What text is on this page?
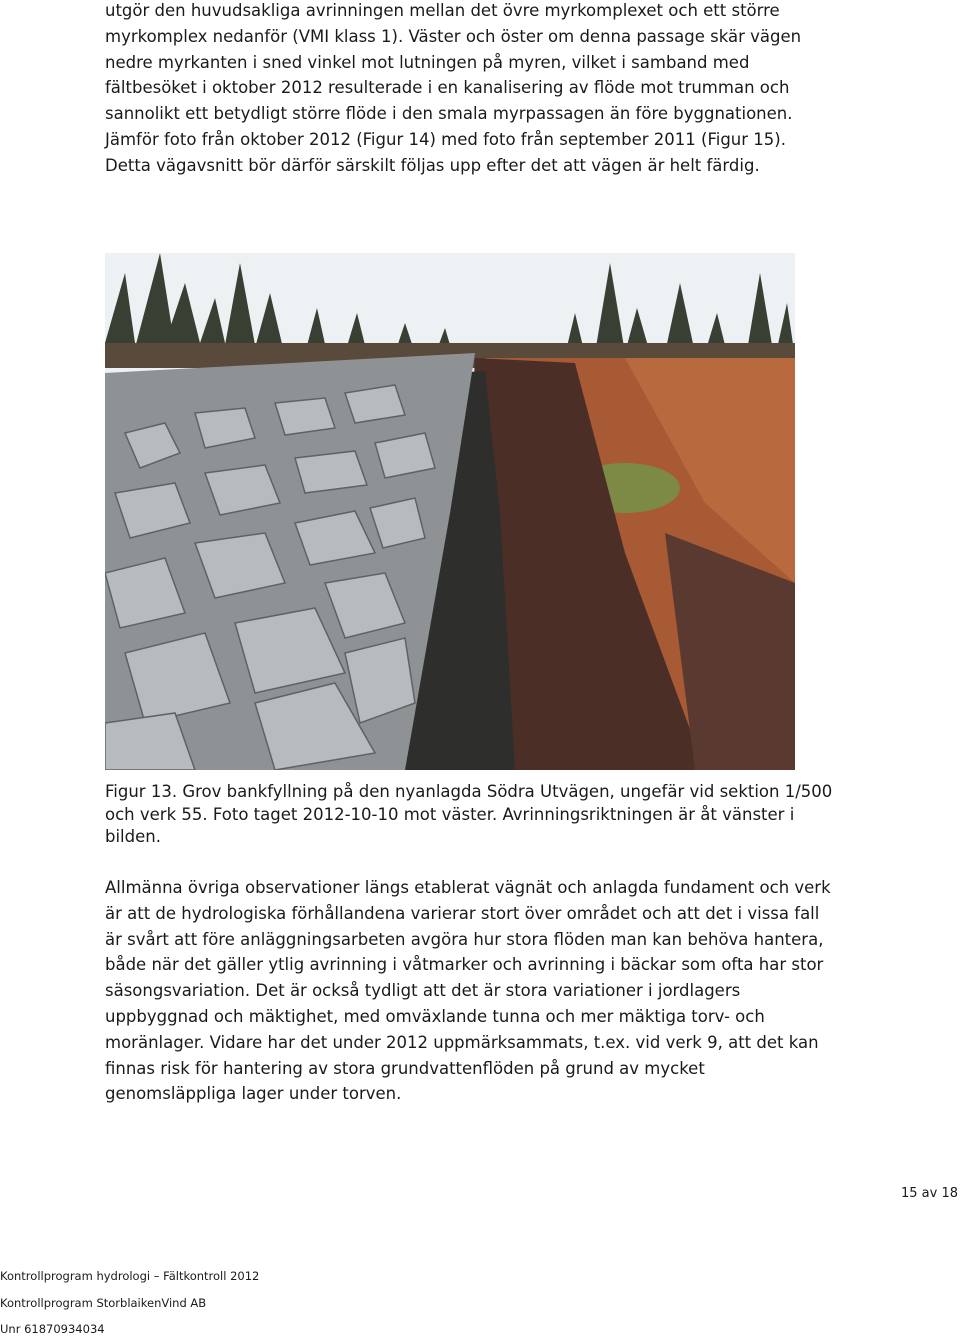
utgör den huvudsakliga avrinningen mellan det övre myrkomplexet och ett större myrkomplex nedanför (VMI klass 1). Väster och öster om denna passage skär vägen nedre myrkanten i sned vinkel mot lutningen på myren, vilket i samband med fältbesöket i oktober 2012 resulterade i en kanalisering av flöde mot trumman och sannolikt ett betydligt större flöde i den smala myrpassagen än före byggnationen. Jämför foto från oktober 2012 (Figur 14) med foto från september 2011 (Figur 15). Detta vägavsnitt bör därför särskilt följas upp efter det att vägen är helt färdig.
Figur 13. Grov bankfyllning på den nyanlagda Södra Utvägen, ungefär vid sektion 1/500 och verk 55. Foto taget 2012-10-10 mot väster. Avrinningsriktningen är åt vänster i bilden.
Allmänna övriga observationer längs etablerat vägnät och anlagda fundament och verk är att de hydrologiska förhållandena varierar stort över området och att det i vissa fall är svårt att före anläggningsarbeten avgöra hur stora flöden man kan behöva hantera, både när det gäller ytlig avrinning i våtmarker och avrinning i bäckar som ofta har stor säsongsvariation. Det är också tydligt att det är stora variationer i jordlagers uppbyggnad och mäktighet, med omväxlande tunna och mer mäktiga torv- och moränlager. Vidare har det under 2012 uppmärksammats, t.ex. vid verk 9, att det kan finnas risk för hantering av stora grundvattenflöden på grund av mycket genomsläppliga lager under torven.
15 av 18
Kontrollprogram hydrologi – Fältkontroll 2012
Kontrollprogram StorblaikenVind AB
Unr 61870934034
